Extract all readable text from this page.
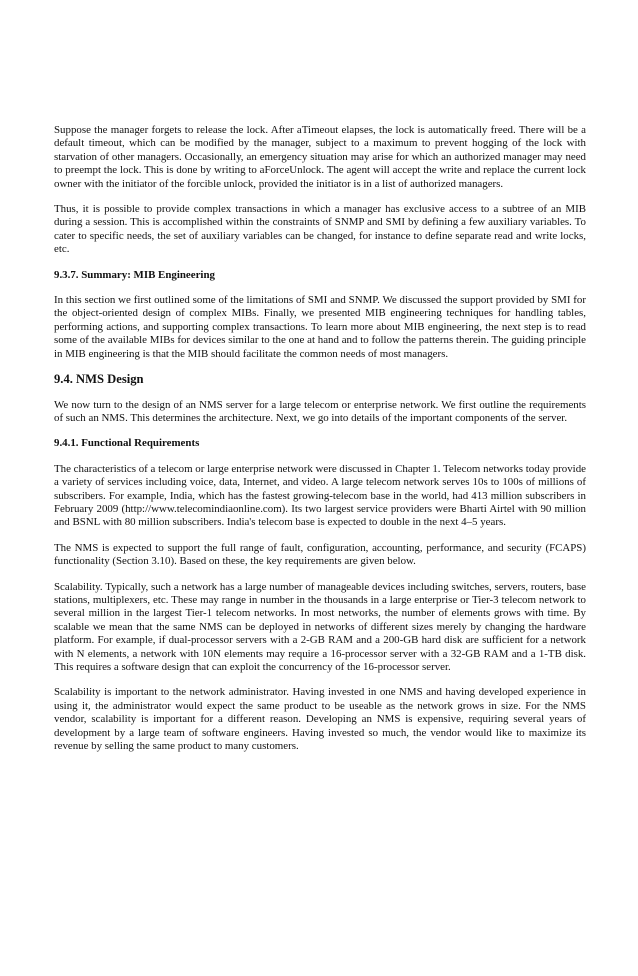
Suppose the manager forgets to release the lock. After aTimeout elapses, the lock is automatically freed. There will be a default timeout, which can be modified by the manager, subject to a maximum to prevent hogging of the lock with starvation of other managers. Occasionally, an emergency situation may arise for which an authorized manager may need to preempt the lock. This is done by writing to aForceUnlock. The agent will accept the write and replace the current lock owner with the initiator of the forcible unlock, provided the initiator is in a list of authorized managers.

Thus, it is possible to provide complex transactions in which a manager has exclusive access to a subtree of an MIB during a session. This is accomplished within the constraints of SNMP and SMI by defining a few auxiliary variables. To cater to specific needs, the set of auxiliary variables can be changed, for instance to define separate read and write locks, etc.

9.3.7. Summary: MIB Engineering

In this section we first outlined some of the limitations of SMI and SNMP. We discussed the support provided by SMI for the object-oriented design of complex MIBs. Finally, we presented MIB engineering techniques for handling tables, performing actions, and supporting complex transactions. To learn more about MIB engineering, the next step is to read some of the available MIBs for devices similar to the one at hand and to follow the patterns therein. The guiding principle in MIB engineering is that the MIB should facilitate the common needs of most managers.

9.4. NMS Design

We now turn to the design of an NMS server for a large telecom or enterprise network. We first outline the requirements of such an NMS. This determines the architecture. Next, we go into details of the important components of the server.

9.4.1. Functional Requirements

The characteristics of a telecom or large enterprise network were discussed in Chapter 1. Telecom networks today provide a variety of services including voice, data, Internet, and video. A large telecom network serves 10s to 100s of millions of subscribers. For example, India, which has the fastest growing-telecom base in the world, had 413 million subscribers in February 2009 (http://www.telecomindiaonline.com). Its two largest service providers were Bharti Airtel with 90 million and BSNL with 80 million subscribers. India's telecom base is expected to double in the next 4–5 years.

The NMS is expected to support the full range of fault, configuration, accounting, performance, and security (FCAPS) functionality (Section 3.10). Based on these, the key requirements are given below.

Scalability. Typically, such a network has a large number of manageable devices including switches, servers, routers, base stations, multiplexers, etc. These may range in number in the thousands in a large enterprise or Tier-3 telecom network to several million in the largest Tier-1 telecom networks. In most networks, the number of elements grows with time. By scalable we mean that the same NMS can be deployed in networks of different sizes merely by changing the hardware platform. For example, if dual-processor servers with a 2-GB RAM and a 200-GB hard disk are sufficient for a network with N elements, a network with 10N elements may require a 16-processor server with a 32-GB RAM and a 1-TB disk. This requires a software design that can exploit the concurrency of the 16-processor server.

Scalability is important to the network administrator. Having invested in one NMS and having developed experience in using it, the administrator would expect the same product to be useable as the network grows in size. For the NMS vendor, scalability is important for a different reason. Developing an NMS is expensive, requiring several years of development by a large team of software engineers. Having invested so much, the vendor would like to maximize its revenue by selling the same product to many customers.
